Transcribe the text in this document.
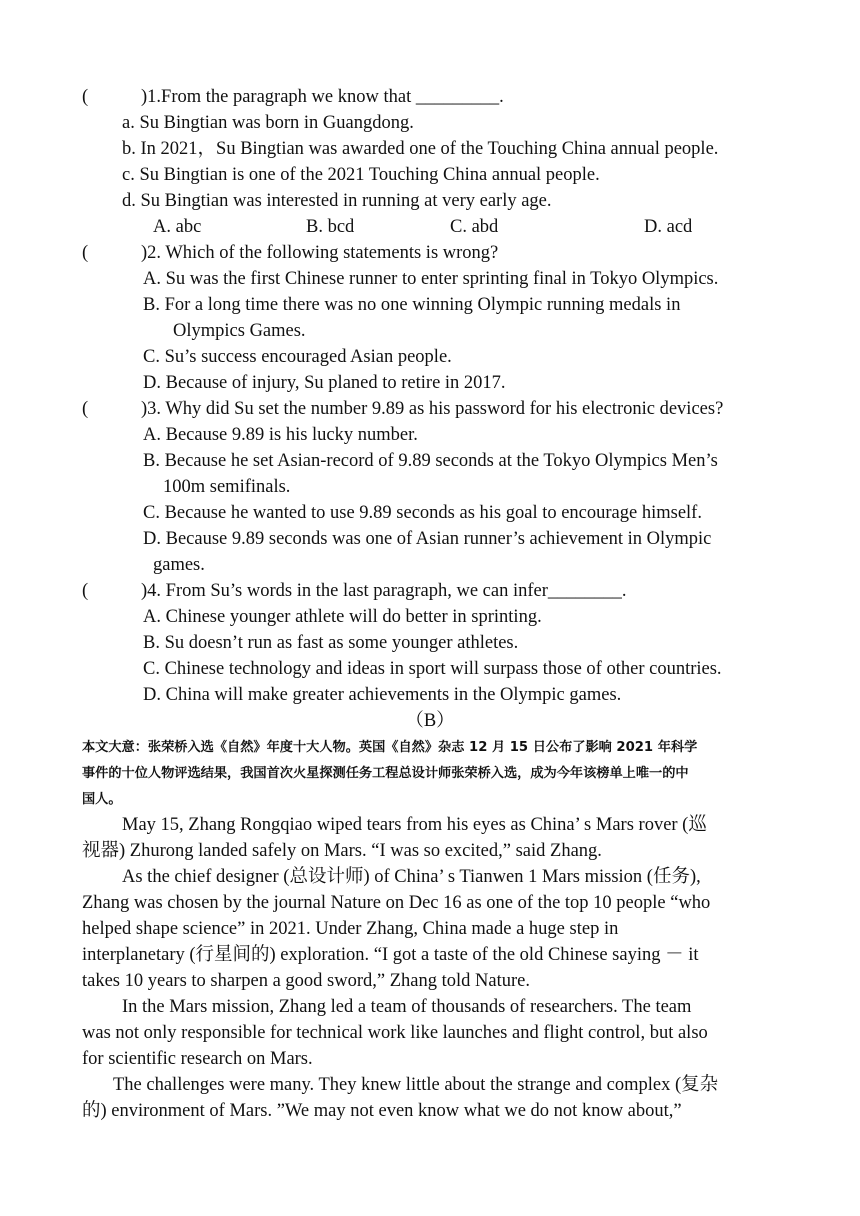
(	)1.From the paragraph we know that _________.
a. Su Bingtian was born in Guangdong.
b. In 2021，Su Bingtian was awarded one of the Touching China annual people.
c. Su Bingtian is one of the 2021 Touching China annual people.
d. Su Bingtian was interested in running at very early age.
A. abc	B. bcd	C. abd	D. acd
(	)2. Which of the following statements is wrong?
A. Su was the first Chinese runner to enter sprinting final in Tokyo Olympics.
B. For a long time there was no one winning Olympic running medals in
Olympics Games.
C. Su’s success encouraged Asian people.
D. Because of injury, Su planed to retire in 2017.
(	)3. Why did Su set the number 9.89 as his password for his electronic devices?
A. Because 9.89 is his lucky number.
B. Because he set Asian-record of 9.89 seconds at the Tokyo Olympics Men’s
100m semifinals.
C. Because he wanted to use 9.89 seconds as his goal to encourage himself.
D. Because 9.89 seconds was one of Asian runner’s achievement in Olympic
games.
(	)4. From Su’s words in the last paragraph, we can infer________.
A. Chinese younger athlete will do better in sprinting.
B. Su doesn’t run as fast as some younger athletes.
C. Chinese technology and ideas in sport will surpass those of other countries.
D. China will make greater achievements in the Olympic games.
（B）
本文大意：张荣桥入选《自然》年度十大人物。英国《自然》杂志 12 月 15 日公布了影响 2021 年科学
事件的十位人物评选结果，我国首次火星探测任务工程总设计师张荣桥入选，成为今年该榜单上唯一的中
国人。
May 15, Zhang Rongqiao wiped tears from his eyes as China’ s Mars rover (巡
视器) Zhurong landed safely on Mars. “I was so excited,” said Zhang.
As the chief designer (总设计师) of China’ s Tianwen 1 Mars mission (任务),
Zhang was chosen by the journal Nature on Dec 16 as one of the top 10 people “who
helped shape science” in 2021. Under Zhang, China made a huge step in
interplanetary (行星间的) exploration. “I got a taste of the old Chinese saying － it
takes 10 years to sharpen a good sword,” Zhang told Nature.
In the Mars mission, Zhang led a team of thousands of researchers. The team
was not only responsible for technical work like launches and flight control, but also
for scientific research on Mars.
The challenges were many. They knew little about the strange and complex (复杂
的) environment of Mars. ”We may not even know what we do not know about,”
